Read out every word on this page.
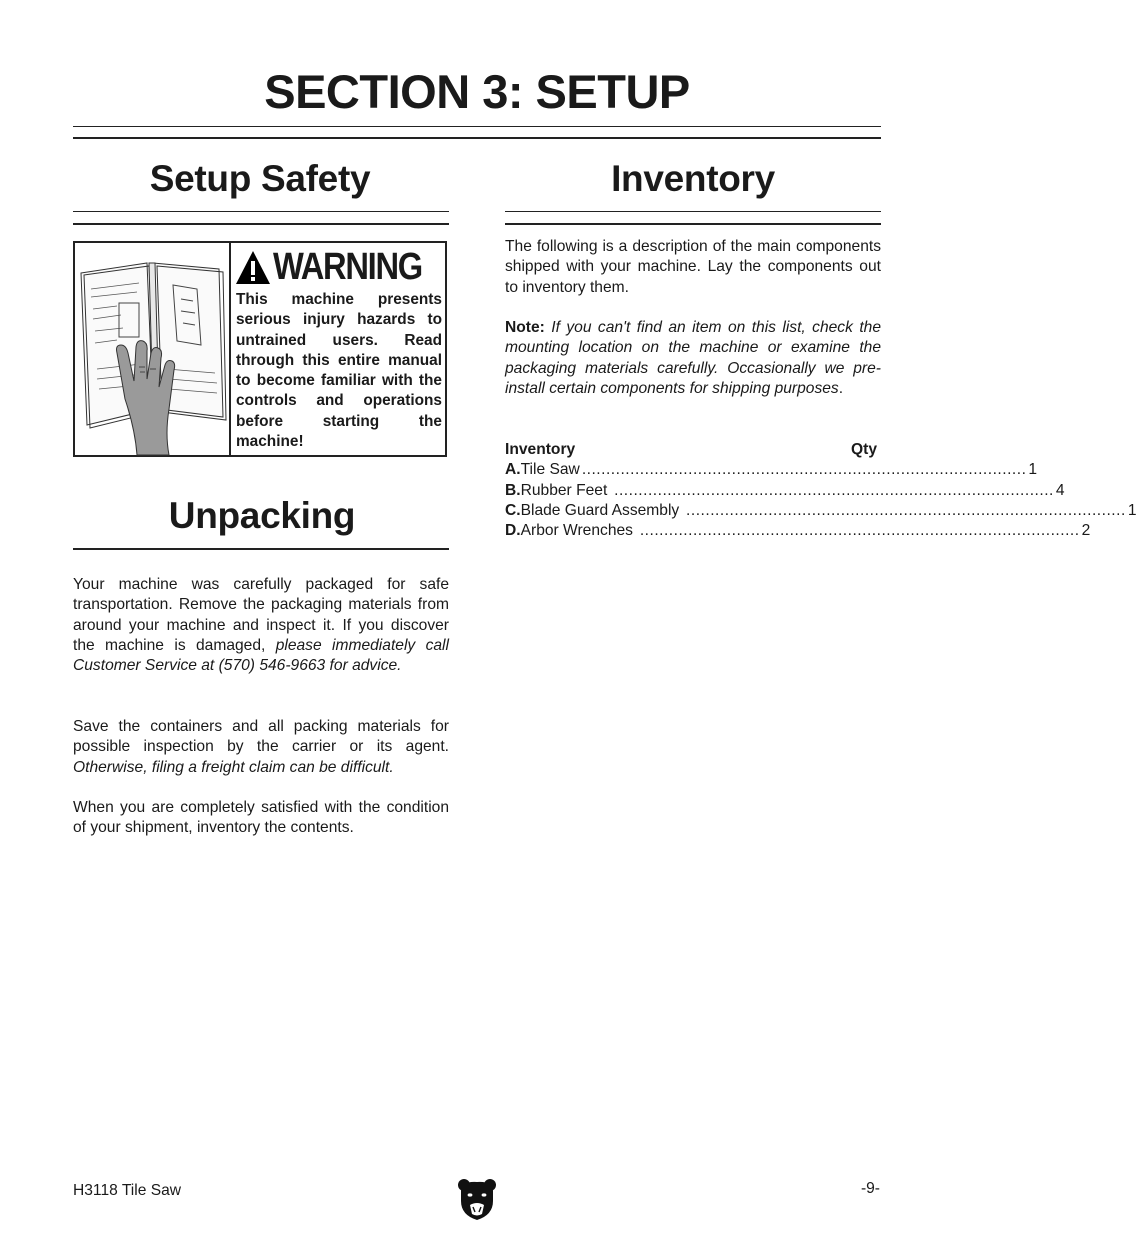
SECTION 3: SETUP
Setup Safety
WARNING
This machine presents serious injury hazards to untrained users. Read through this entire manual to become familiar with the controls and operations before starting the machine!
Unpacking
Your machine was carefully packaged for safe transportation. Remove the packaging materials from around your machine and inspect it. If you discover the machine is damaged, please immediately call Customer Service at (570) 546-9663 for advice.
Save the containers and all packing materials for possible inspection by the carrier or its agent. Otherwise, filing a freight claim can be difficult.
When you are completely satisfied with the condition of your shipment, inventory the contents.
Inventory
The following is a description of the main components shipped with your machine. Lay the components out to inventory them.
Note: If you can't find an item on this list, check the mounting location on the machine or examine the packaging materials carefully. Occasionally we pre-install certain components for shipping purposes.
Inventory	Qty
A. Tile Saw ............................................................................................ 1
B. Rubber Feet ........................................................................................... 4
C. Blade Guard Assembly ........................................................................................... 1
D. Arbor Wrenches ........................................................................................... 2
H3118 Tile Saw	-9-
